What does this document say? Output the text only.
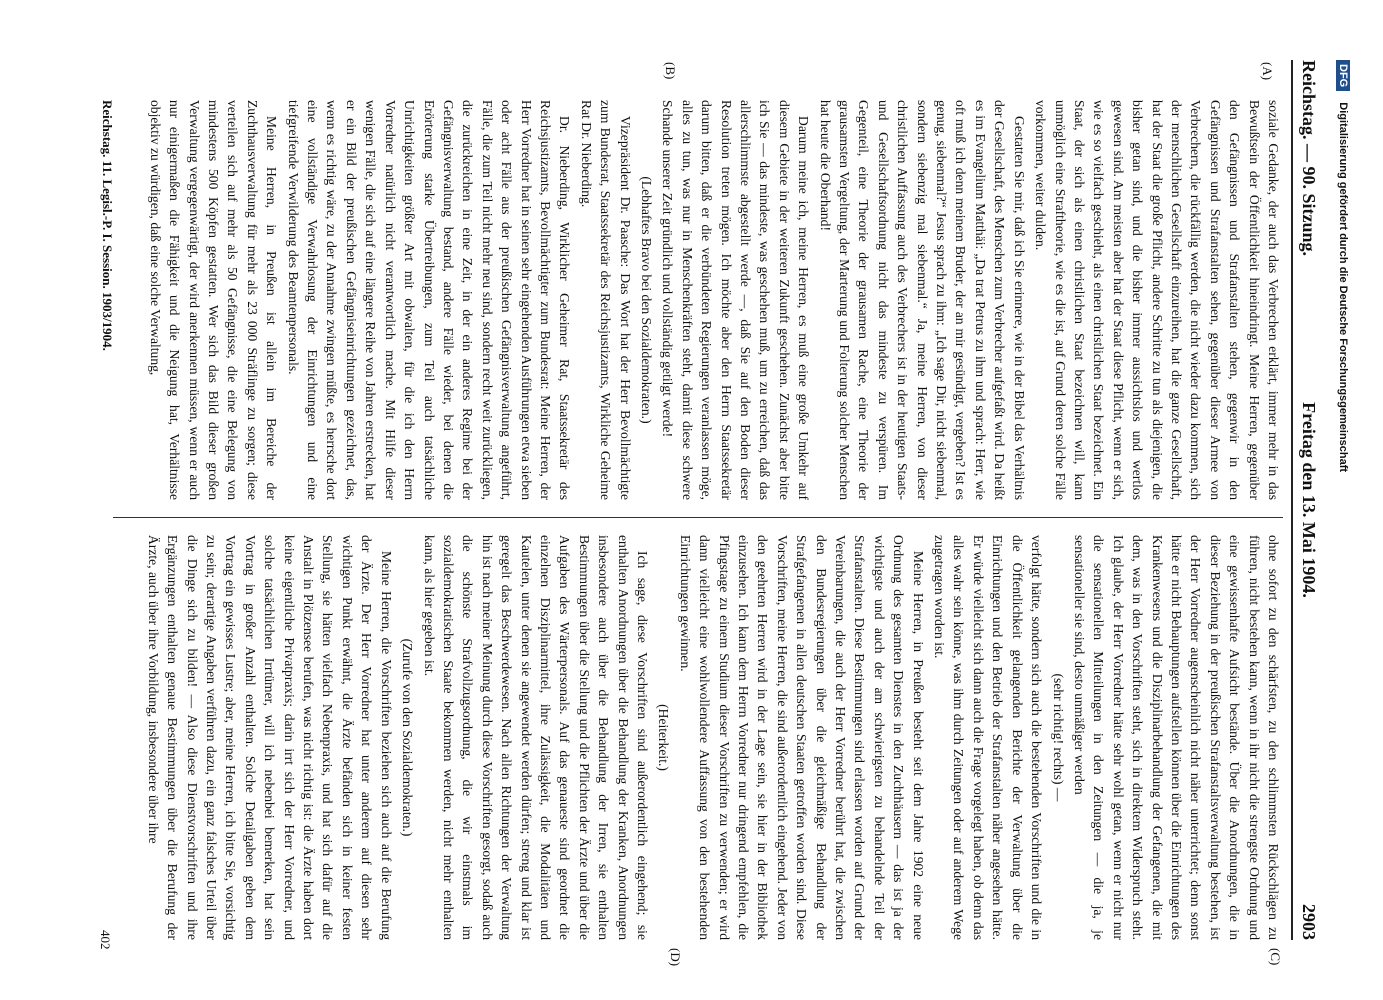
Reichstag. — 90. Sitzung.
Freitag den 13. Mai 1904.
2903
(A)
(B)
(C)
(D)

soziale Gedanke, der auch das Verbrechen erklärt, immer mehr in das Bewußtsein der Öffentlichkeit hineindringt. Meine Herren, gegenüber den Gefängnissen und Strafanstalten stehen, gegenwir in den Gefängnissen und Strafanstalten sehen, gegenüber dieser Armee von Verbrechern, die rückfällig werden, die nicht wieder dazu kommen, sich der menschlichen Gesellschaft einzureihen, hat die ganze Gesellschaft, hat der Staat die große Pflicht, andere Schritte zu tun als diejenigen, die bisher getan sind, und die bisher immer aussichtslos und wertlos gewesen sind. Am meisten aber hat der Staat diese Pflicht, wenn er sich, wie es so vielfach geschieht, als einen christlichen Staat bezeichnet. Ein Staat, der sich als einen christlichen Staat bezeichnen will, kann unmöglich eine Straftheorie, wie es die ist, auf Grund deren solche Fälle vorkommen, weiter dulden.

Gestatten Sie mir, daß ich Sie erinnere, wie in der Bibel das Verhältnis der Gesellschaft, des Menschen zum Verbrecher aufgefaßt wird. Da heißt es im Evangelium Matthäi: „Da trat Petrus zu ihm und sprach: Herr, wie oft muß ich denn meinem Bruder, der an mir gesündigt, vergeben? Ist es genug, siebenmal?“ Jesus sprach zu ihm: „Ich sage Dir, nicht siebenmal, sondern siebenzig mal siebenmal.“ Ja, meine Herren, von dieser christlichen Auffassung auch des Verbrechers ist in der heutigen Staats- und Gesellschaftsordnung nicht das mindeste zu verspüren. Im Gegenteil, eine Theorie der grausamen Rache, eine Theorie der grausamsten Vergeltung, der Marterung und Folterung solcher Menschen hat heute die Oberhand!

Darum meine ich, meine Herren, es muß eine große Umkehr auf diesem Gebiete in der weiteren Zukunft geschehen. Zunächst aber bitte ich Sie — das mindeste, was geschehen muß, um zu erreichen, daß das allerschlimmste abgestellt werde —, daß Sie auf den Boden dieser Resolution treten mögen. Ich möchte aber den Herrn Staatssekretär darum bitten, daß er die verbündeten Regierungen veranlassen möge, alles zu tun, was nur in Menschenkräften steht, damit diese schwere Schande unserer Zeit gründlich und vollständig getilgt werde!

(Lebhaftes Bravo bei den Sozialdemokraten.)

Vizepräsident Dr. Paasche: Das Wort hat der Herr Bevollmächtigte zum Bundesrat, Staatssekretär des Reichsjustizamts, Wirkliche Geheime Rat Dr. Nieberding.

Dr. Nieberding, Wirklicher Geheimer Rat, Staatssekretär des Reichsjustizamts, Bevollmächtigter zum Bundesrat: Meine Herren, der Herr Vorredner hat in seinen sehr eingehenden Ausführungen etwa sieben oder acht Fälle aus der preußischen Gefängnisverwaltung angeführt, Fälle, die zum Teil nicht mehr neu sind, sondern recht weit zurückliegen, die zurückreichen in eine Zeit, in der ein anderes Regime bei der Gefängnisverwaltung bestand, andere Fälle wieder, bei denen die Erörterung starke Übertreibungen, zum Teil auch tatsächliche Unrichtigkeiten größter Art mit obwalten, für die ich den Herrn Vorredner natürlich nicht verantwortlich mache. Mit Hilfe dieser wenigen Fälle, die sich auf eine längere Reihe von Jahren erstrecken, hat er ein Bild der preußischen Gefängniseinrichtungen gezeichnet, das, wenn es richtig wäre, zu der Annahme zwingen müßte, es herrsche dort eine vollständige Verwahrlosung der Einrichtungen und eine tiefgreifende Verwilderung des Beamtenpersonals.

Meine Herren, in Preußen ist allein im Bereiche der Zuchthausverwaltung für mehr als 23 000 Sträflinge zu sorgen; diese verteilen sich auf mehr als 50 Gefängnisse, die eine Belegung von mindestens 500 Köpfen gestatten. Wer sich das Bild dieser großen Verwaltung vergegenwärtigt, der wird anerkennen müssen, wenn er auch nur einigermaßen die Fähigkeit und die Neigung hat, Verhältnisse objektiv zu würdigen, daß eine solche Verwaltung,

ohne sofort zu den schärfsten, zu den schlimmsten Rückschlägen zu führen, nicht bestehen kann, wenn in ihr nicht die strengste Ordnung und eine gewissenhafte Aufsicht bestände. Über die Anordnungen, die in dieser Beziehung in der preußischen Strafanstaltsverwaltung bestehen, ist der Herr Vorredner augenscheinlich nicht näher unterrichtet; denn sonst hätte er nicht Behauptungen aufstellen können über die Einrichtungen des Krankenwesens und die Disziplinarbehandlung der Gefangenen, die mit dem, was in den Vorschriften steht, sich in direktem Widerspruch steht. Ich glaube, der Herr Vorredner hätte sehr wohl getan, wenn er nicht nur die sensationellen Mitteilungen in den Zeitungen — die ja, je sensationeller sie sind, desto unmäßiger werden

(sehr richtig! rechts) —

verfolgt hätte, sondern sich auch die bestehenden Vorschriften und die in die Öffentlichkeit gelangenden Berichte der Verwaltung über die Einrichtungen und den Betrieb der Strafanstalten näher angesehen hätte. Er würde vielleicht sich dann auch die Frage vorgelegt haben, ob denn das alles wahr sein könne, was ihm durch Zeitungen oder auf anderem Wege zugetragen worden ist.

Meine Herren, in Preußen besteht seit dem Jahre 1902 eine neue Ordnung des gesamten Dienstes in den Zuchthäusern — das ist ja der wichtigste und auch der am schwierigsten zu behandelnde Teil der Strafanstalten. Diese Bestimmungen sind erlassen worden auf Grund der Vereinbarungen, die auch der Herr Vorredner berührt hat, die zwischen den Bundesregierungen über die gleichmäßige Behandlung der Strafgefangenen in allen deutschen Staaten getroffen worden sind. Diese Vorschriften, meine Herren, die sind außerordentlich eingehend. Jeder von den geehrten Herren wird in der Lage sein, sie hier in der Bibliothek einzusehen. Ich kann dem Herrn Vorredner nur dringend empfehlen, die Pfingstage zu einem Studium dieser Vorschriften zu verwenden; er wird dann vielleicht eine wohlwollendere Auffassung von den bestehenden Einrichtungen gewinnen.

(Heiterkeit.)

Ich sage, diese Vorschriften sind außerordentlich eingehend; sie enthalten Anordnungen über die Behandlung der Kranken, Anordnungen insbesondere auch über die Behandlung der Irren, sie enthalten Bestimmungen über die Stellung und die Pflichten der Ärzte und über die Aufgaben des Wärterpersonals. Auf das genaueste sind geordnet die einzelnen Disziplinarmittel, ihre Zulässigkeit, die Modalitäten und Kautelen, unter denen sie angewendet werden dürfen; streng und klar ist geregelt das Beschwerdewesen. Nach allen Richtungen der Verwaltung hin ist nach meiner Meinung durch diese Vorschriften gesorgt, sodaß auch die schönste Strafvollzugsordnung, die wir einstmals im sozialdemokratischen Staate bekommen werden, nicht mehr enthalten kann, als hier gegeben ist.

(Zurufe von den Sozialdemokraten.)

Meine Herren, die Vorschriften beziehen sich auch auf die Berufung der Ärzte. Der Herr Vorredner hat unter anderem auf diesen sehr wichtigen Punkt erwähnt, die Ärzte befänden sich in keiner festen Stellung, sie hätten vielfach Nebenpraxis, und hat sich dafür auf die Anstalt in Plötzensee berufen, was nicht richtig ist: die Ärzte haben dort keine eigentliche Privatpraxis; darin irrt sich der Herr Vorredner, und solche tatsächlichen Irrtümer, will ich nebenbei bemerken, hat sein Vortrag in großer Anzahl enthalten. Solche Detailgaben geben dem Vortrag ein gewisses Lustre; aber, meine Herren, ich bitte Sie, vorsichtig zu sein; derartige Angaben verführen dazu, ein ganz falsches Urteil über die Dinge sich zu bilden! — Also diese Dienstvorschriften und ihre Ergänzungen enthalten genaue Bestimmungen über die Berufung der Ärzte, auch über ihre Vorbildung, insbesondere über ihre

Reichstag. 11. Legisl.-P. I. Session. 1903/1904.
402
DFG Digitalisierung gefördert durch die Deutsche Forschungsgemeinschaft
